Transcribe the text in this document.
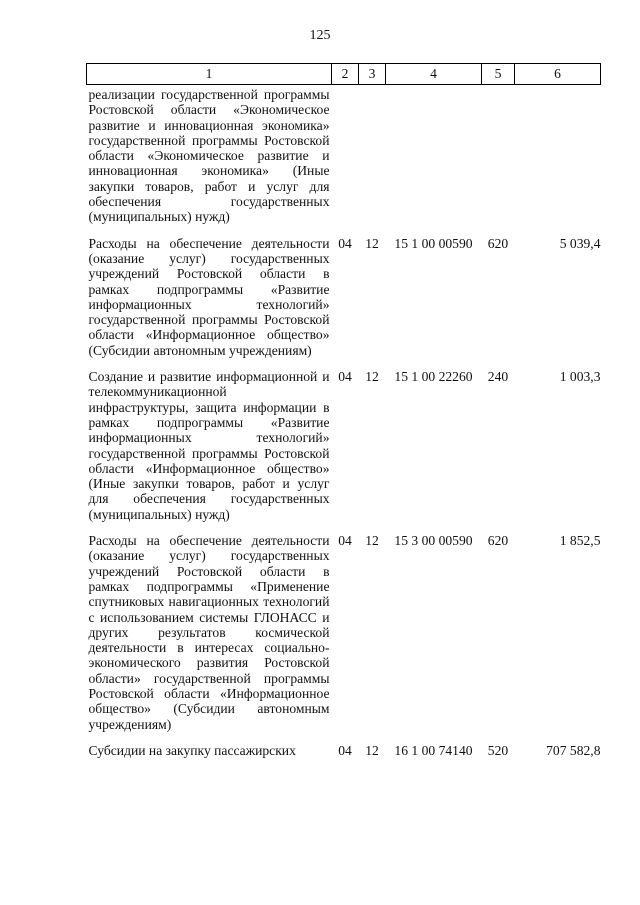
125
1	2	3	4	5	6
реализации государственной программы Ростовской области «Экономическое развитие и инновационная экономика» государственной программы Ростовской области «Экономическое развитие и инновационная экономика» (Иные закупки товаров, работ и услуг для обеспечения государственных (муниципальных) нужд)					
Расходы на обеспечение деятельности (оказание услуг) государственных учреждений Ростовской области в рамках подпрограммы «Развитие информационных технологий» государственной программы Ростовской области «Информационное общество» (Субсидии автономным учреждениям)	04	12	15 1 00 00590	620	5 039,4
Создание и развитие информационной и телекоммуникационной инфраструктуры, защита информации в рамках подпрограммы «Развитие информационных технологий» государственной программы Ростовской области «Информационное общество» (Иные закупки товаров, работ и услуг для обеспечения государственных (муниципальных) нужд)	04	12	15 1 00 22260	240	1 003,3
Расходы на обеспечение деятельности (оказание услуг) государственных учреждений Ростовской области в рамках подпрограммы «Применение спутниковых навигационных технологий с использованием системы ГЛОНАСС и других результатов космической деятельности в интересах социально-экономического развития Ростовской области» государственной программы Ростовской области «Информационное общество» (Субсидии автономным учреждениям)	04	12	15 3 00 00590	620	1 852,5
Субсидии на закупку пассажирских	04	12	16 1 00 74140	520	707 582,8
